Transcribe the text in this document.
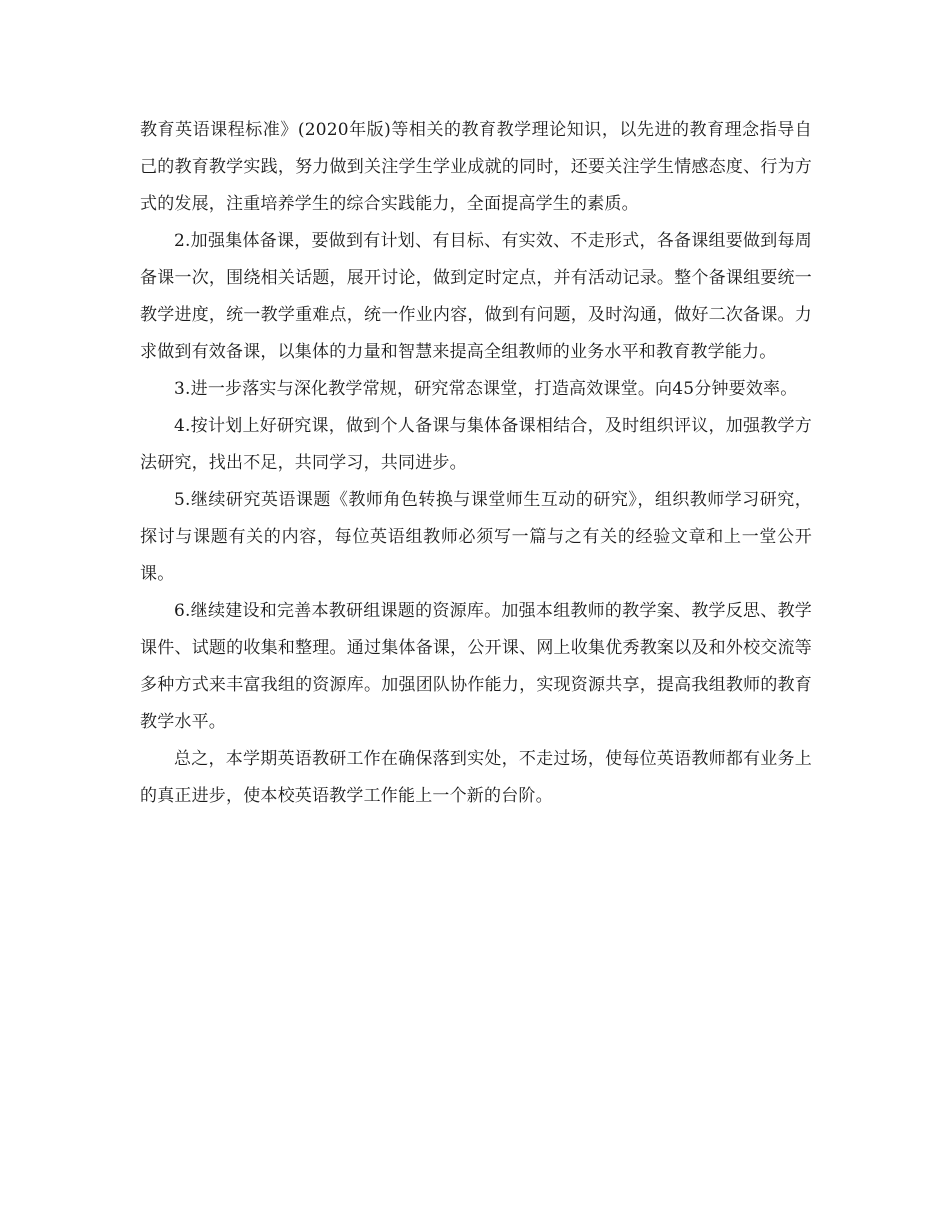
教育英语课程标准》(2020年版)等相关的教育教学理论知识，以先进的教育理念指导自己的教育教学实践，努力做到关注学生学业成就的同时，还要关注学生情感态度、行为方式的发展，注重培养学生的综合实践能力，全面提高学生的素质。

2.加强集体备课，要做到有计划、有目标、有实效、不走形式，各备课组要做到每周备课一次，围绕相关话题，展开讨论，做到定时定点，并有活动记录。整个备课组要统一教学进度，统一教学重难点，统一作业内容，做到有问题，及时沟通，做好二次备课。力求做到有效备课，以集体的力量和智慧来提高全组教师的业务水平和教育教学能力。

3.进一步落实与深化教学常规，研究常态课堂，打造高效课堂。向45分钟要效率。

4.按计划上好研究课，做到个人备课与集体备课相结合，及时组织评议，加强教学方法研究，找出不足，共同学习，共同进步。

5.继续研究英语课题《教师角色转换与课堂师生互动的研究》，组织教师学习研究，探讨与课题有关的内容，每位英语组教师必须写一篇与之有关的经验文章和上一堂公开课。

6.继续建设和完善本教研组课题的资源库。加强本组教师的教学案、教学反思、教学课件、试题的收集和整理。通过集体备课，公开课、网上收集优秀教案以及和外校交流等多种方式来丰富我组的资源库。加强团队协作能力，实现资源共享，提高我组教师的教育教学水平。

总之，本学期英语教研工作在确保落到实处，不走过场，使每位英语教师都有业务上的真正进步，使本校英语教学工作能上一个新的台阶。
